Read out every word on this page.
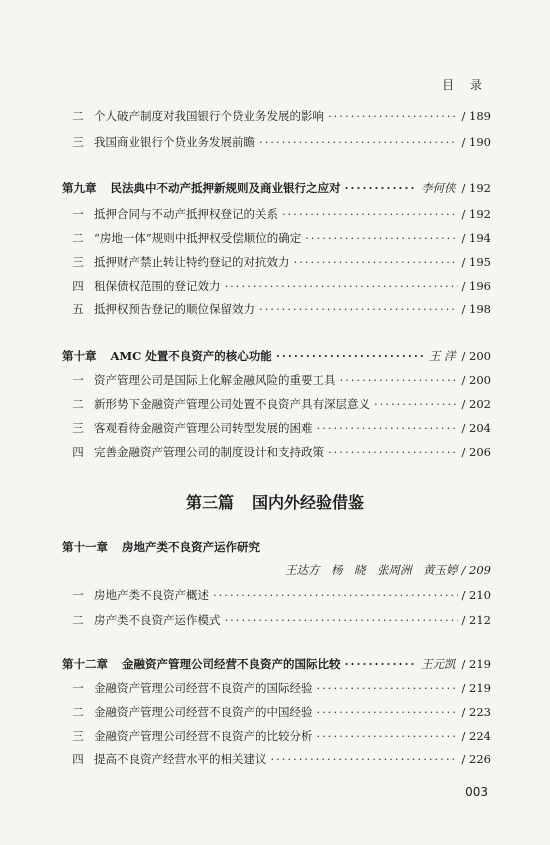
目 录
二 个人破产制度对我国银行个贷业务发展的影响 ·····	/ 189
三 我国商业银行个贷业务发展前瞻 ·····	/ 190
第九章 民法典中不动产抵押新规则及商业银行之应对 ·····	李何侠 / 192
一 抵押合同与不动产抵押权登记的关系 ·····	/ 192
二 “房地一体”规则中抵押权受偿顺位的确定 ·····	/ 194
三 抵押财产禁止转让特约登记的对抗效力 ·····	/ 195
四 租保债权范围的登记效力 ·····	/ 196
五 抵押权预告登记的顺位保留效力 ·····	/ 198
第十章 AMC 处置不良资产的核心功能 ·····	王 洋 / 200
一 资产管理公司是国际上化解金融风险的重要工具 ·····	/ 200
二 新形势下金融资产管理公司处置不良资产具有深层意义 ·····	/ 202
三 客观看待金融资产管理公司转型发展的困难 ·····	/ 204
四 完善金融资产管理公司的制度设计和支持政策 ·····	/ 206
第三篇 国内外经验借鉴
第十一章 房地产类不良资产运作研究
王达方　杨　晓　张周洲　黄玉婷 / 209
一 房地产类不良资产概述 ·····	/ 210
二 房产类不良资产运作模式 ·····	/ 212
第十二章 金融资产管理公司经营不良资产的国际比较 ·····	王元凯 / 219
一 金融资产管理公司经营不良资产的国际经验 ·····	/ 219
二 金融资产管理公司经营不良资产的中国经验 ·····	/ 223
三 金融资产管理公司经营不良资产的比较分析 ·····	/ 224
四 提高不良资产经营水平的相关建议 ·····	/ 226
003
